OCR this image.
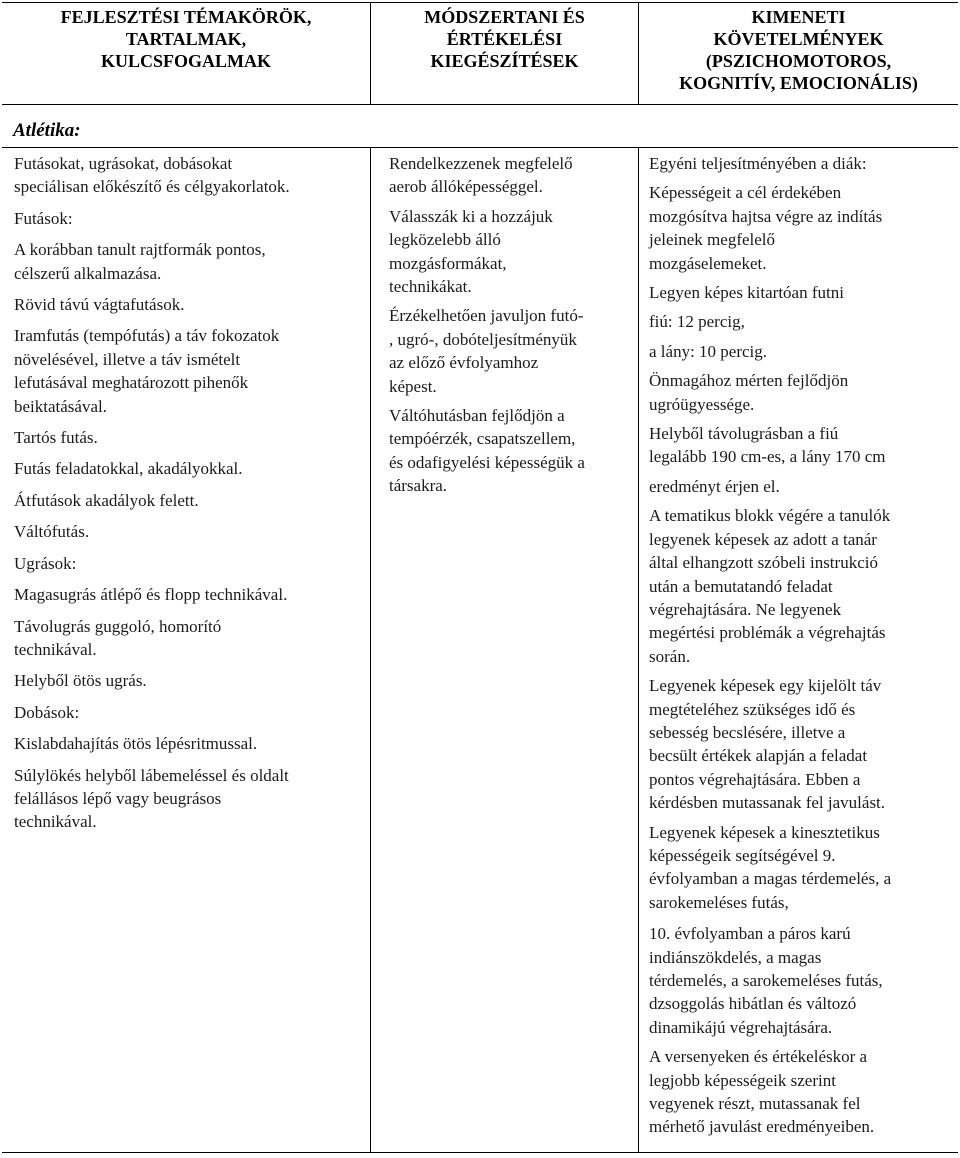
FEJLESZTÉSI TÉMAKÖRÖK,
TARTALMAK,
KULCSFOGALMAK
MÓDSZERTANI ÉS
ÉRTÉKELÉSI
KIEGÉSZÍTÉSEK
KIMENETI
KÖVETELMÉNYEK
(PSZICHOMOTOROS,
KOGNITÍV, EMOCIONÁLIS)
Atlétika:

Futásokat, ugrásokat, dobásokat

speciálisan előkészítő és célgyakorlatok.

Futások:

A korábban tanult rajtformák pontos,

célszerű alkalmazása.

Rövid távú vágtafutások.

Iramfutás (tempófutás) a táv fokozatok

növelésével, illetve a táv ismételt

lefutásával meghatározott pihenők

beiktatásával.

Tartós futás.

Futás feladatokkal, akadályokkal.

Átfutások akadályok felett.

Váltófutás.

Ugrások:

Magasugrás átlépő és flopp technikával.

Távolugrás guggoló, homorító

technikával.

Helyből ötös ugrás.

Dobások:

Kislabdahajítás ötös lépésritmussal.

Súlylökés helyből lábemeléssel és oldalt

felállásos lépő vagy beugrásos

technikával.

Rendelkezzenek megfelelő

aerob állóképességgel.

Válasszák ki a hozzájuk

legközelebb álló

mozgásformákat,

technikákat.

Érzékelhetően javuljon futó-

, ugró-, dobóteljesítményük

az előző évfolyamhoz

képest.

Váltóhutásban fejlődjön a

tempóérzék, csapatszellem,

és odafigyelési képességük a

társakra.

Egyéni teljesítményében a diák:

Képességeit a cél érdekében

mozgósítva hajtsa végre az indítás

jeleinek megfelelő

mozgáselemeket.

Legyen képes kitartóan futni

fiú: 12 percig,

a lány: 10 percig.

Önmagához mérten fejlődjön

ugróügyessége.

Helyből távolugrásban a fiú

legalább 190 cm-es, a lány 170 cm

eredményt érjen el.

A tematikus blokk végére a tanulók

legyenek képesek az adott a tanár

által elhangzott szóbeli instrukció

után a bemutatandó feladat

végrehajtására. Ne legyenek

megértési problémák a végrehajtás

során.

Legyenek képesek egy kijelölt táv

megtételéhez szükséges idő és

sebesség becslésére, illetve a

becsült értékek alapján a feladat

pontos végrehajtására. Ebben a

kérdésben mutassanak fel javulást.

Legyenek képesek a kinesztetikus

képességeik segítségével 9.

évfolyamban a magas térdemelés, a

sarokemeléses futás,

10. évfolyamban a páros karú

indiánszökdelés, a magas

térdemelés, a sarokemeléses futás,

dzsoggolás hibátlan és változó

dinamikájú végrehajtására.

A versenyeken és értékeléskor a

legjobb képességeik szerint

vegyenek részt, mutassanak fel

mérhető javulást eredményeiben.
